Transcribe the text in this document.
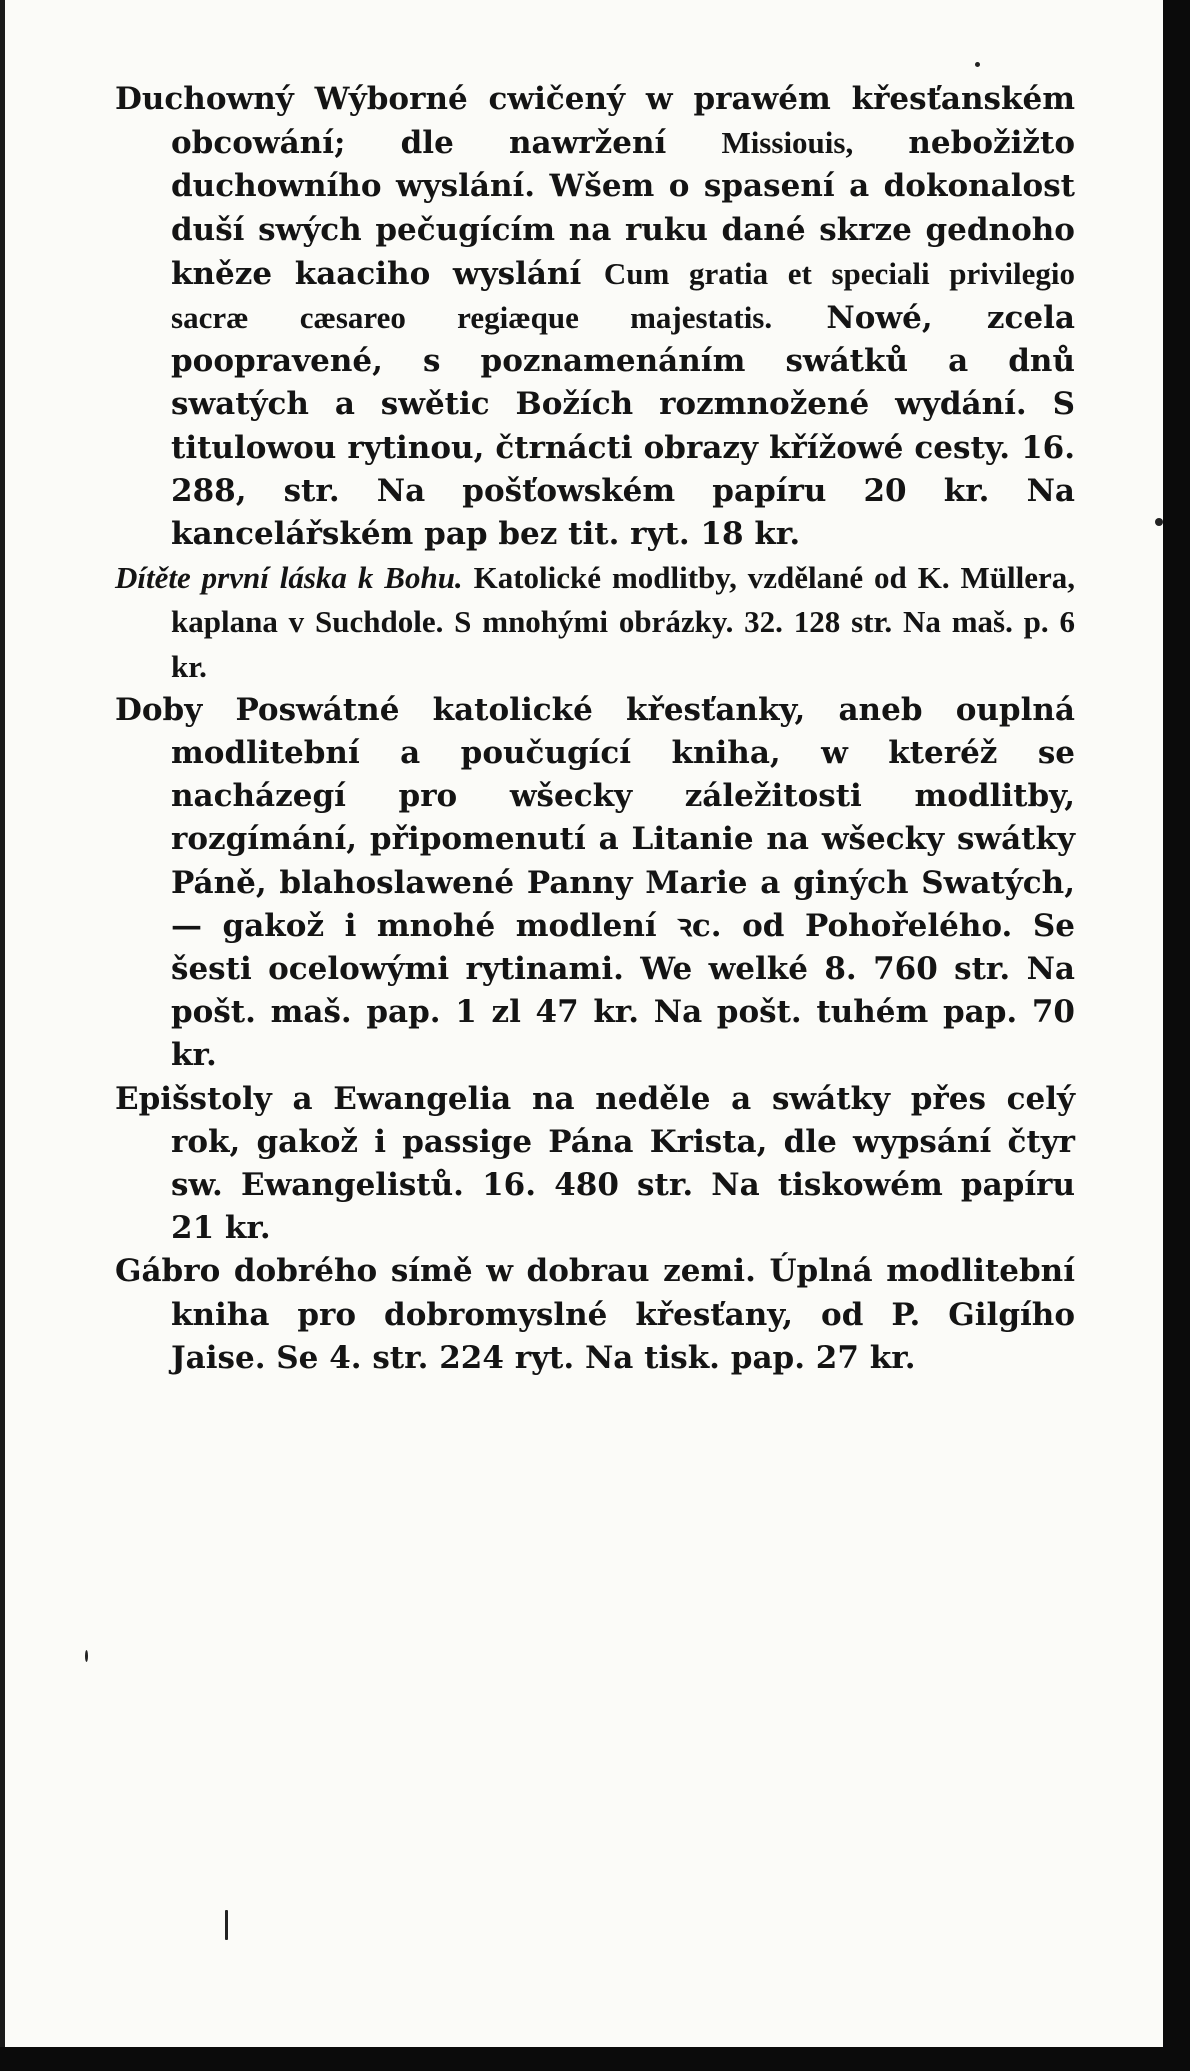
Duchowný Wýborné cwičený w prawém křesťanském obcowání; dle nawržení Missiouis, nebožižto duchowního wyslání. Wšem o spasení a dokonalost duší swých pečugícím na ruku dané skrze gednoho kněze kaaciho wyslání Cum gratia et speciali privilegio sacræ cæsareo regiæque majestatis. Nowé, zcela poopravené, s poznamenáním swátků a dnů swatých a swětic Božích rozmnožené wydání. S titulowou rytinou, čtrnácti obrazy křížowé cesty. 16. 288, str. Na pošťowském papíru 20 kr. Na kancelářském pap bez tit. ryt. 18 kr.

Dítěte první láska k Bohu. Katolické modlitby, vzdělané od K. Müllera, kaplana v Suchdole. S mnohými obrázky. 32. 128 str. Na maš. p. 6 kr.

Doby Poswátné katolické křesťanky, aneb ouplná modlitební a poučugící kniha, w kteréž se nacházegí pro wšecky záležitosti modlitby, rozgímání, připomenutí a Litanie na wšecky swátky Páně, blahoslawené Panny Marie a giných Swatých, — gakož i mnohé modlení ꝛc. od Pohořelého. Se šesti ocelowými rytinami. We welké 8. 760 str. Na pošt. maš. pap. 1 zl 47 kr. Na pošt. tuhém pap. 70 kr.

Epišstoly a Ewangelia na neděle a swátky přes celý rok, gakož i passige Pána Krista, dle wypsání čtyr sw. Ewangelistů. 16. 480 str. Na tiskowém papíru 21 kr.

Gábro dobrého símě w dobrau zemi. Úplná modlitební kniha pro dobromyslné křesťany, od P. Gilgího Jaise. Se 4. str. 224 ryt. Na tisk. pap. 27 kr.
